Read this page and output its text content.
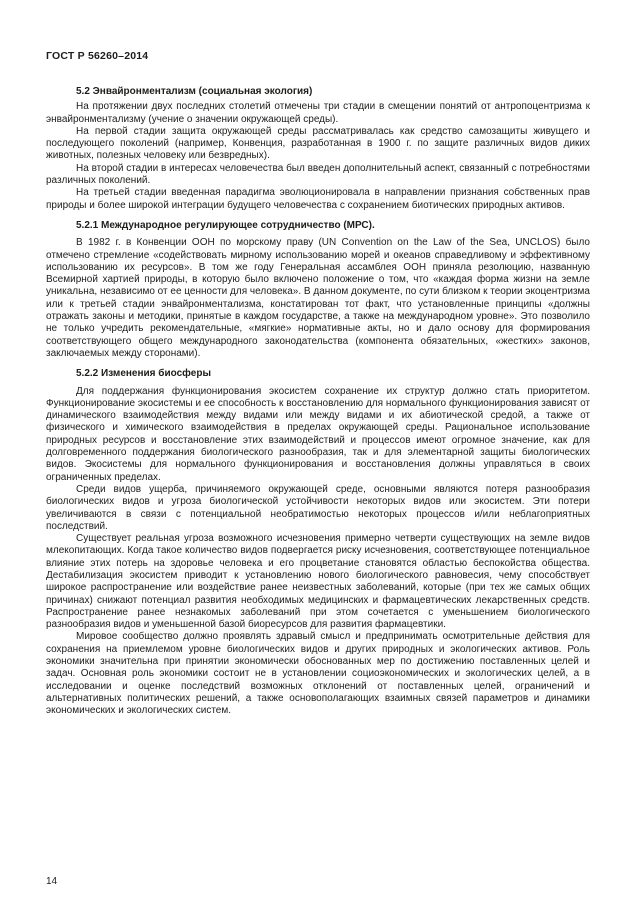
ГОСТ Р 56260–2014

5.2 Энвайронментализм (социальная экология)

На протяжении двух последних столетий отмечены три стадии в смещении понятий от антропоцентризма к энвайронментализму (учение о значении окружающей среды).

На первой стадии защита окружающей среды рассматривалась как средство самозащиты живущего и последующего поколений (например, Конвенция, разработанная в 1900 г. по защите различных видов диких животных, полезных человеку или безвредных).

На второй стадии в интересах человечества был введен дополнительный аспект, связанный с потребностями различных поколений.

На третьей стадии введенная парадигма эволюционировала в направлении признания собственных прав природы и более широкой интеграции будущего человечества с сохранением биотических природных активов.

5.2.1 Международное регулирующее сотрудничество (МРС).

В 1982 г. в Конвенции ООН по морскому праву (UN Convention on the Law of the Sea, UNCLOS) было отмечено стремление «содействовать мирному использованию морей и океанов справедливому и эффективному использованию их ресурсов». В том же году Генеральная ассамблея ООН приняла резолюцию, названную Всемирной хартией природы, в которую было включено положение о том, что «каждая форма жизни на земле уникальна, независимо от ее ценности для человека». В данном документе, по сути близком к теории экоцентризма или к третьей стадии энвайронментализма, констатирован тот факт, что установленные принципы «должны отражать законы и методики, принятые в каждом государстве, а также на международном уровне». Это позволило не только учредить рекомендательные, «мягкие» нормативные акты, но и дало основу для формирования соответствующего общего международного законодательства (компонента обязательных, «жестких» законов, заключаемых между сторонами).

5.2.2 Изменения биосферы

Для поддержания функционирования экосистем сохранение их структур должно стать приоритетом. Функционирование экосистемы и ее способность к восстановлению для нормального функционирования зависят от динамического взаимодействия между видами или между видами и их абиотической средой, а также от физического и химического взаимодействия в пределах окружающей среды. Рациональное использование природных ресурсов и восстановление этих взаимодействий и процессов имеют огромное значение, как для долговременного поддержания биологического разнообразия, так и для элементарной защиты биологических видов. Экосистемы для нормального функционирования и восстановления должны управляться в своих ограниченных пределах.

Среди видов ущерба, причиняемого окружающей среде, основными являются потеря разнообразия биологических видов и угроза биологической устойчивости некоторых видов или экосистем. Эти потери увеличиваются в связи с потенциальной необратимостью некоторых процессов и/или неблагоприятных последствий.

Существует реальная угроза возможного исчезновения примерно четверти существующих на земле видов млекопитающих. Когда такое количество видов подвергается риску исчезновения, соответствующее потенциальное влияние этих потерь на здоровье человека и его процветание становятся областью беспокойства общества. Дестабилизация экосистем приводит к установлению нового биологического равновесия, чему способствует широкое распространение или воздействие ранее неизвестных заболеваний, которые (при тех же самых общих причинах) снижают потенциал развития необходимых медицинских и фармацевтических лекарственных средств. Распространение ранее незнакомых заболеваний при этом сочетается с уменьшением биологического разнообразия видов и уменьшенной базой биоресурсов для развития фармацевтики.

Мировое сообщество должно проявлять здравый смысл и предпринимать осмотрительные действия для сохранения на приемлемом уровне биологических видов и других природных и экологических активов. Роль экономики значительна при принятии экономически обоснованных мер по достижению поставленных целей и задач. Основная роль экономики состоит не в установлении социоэкономических и экологических целей, а в исследовании и оценке последствий возможных отклонений от поставленных целей, ограничений и альтернативных политических решений, а также основополагающих взаимных связей параметров и динамики экономических и экологических систем.

14
